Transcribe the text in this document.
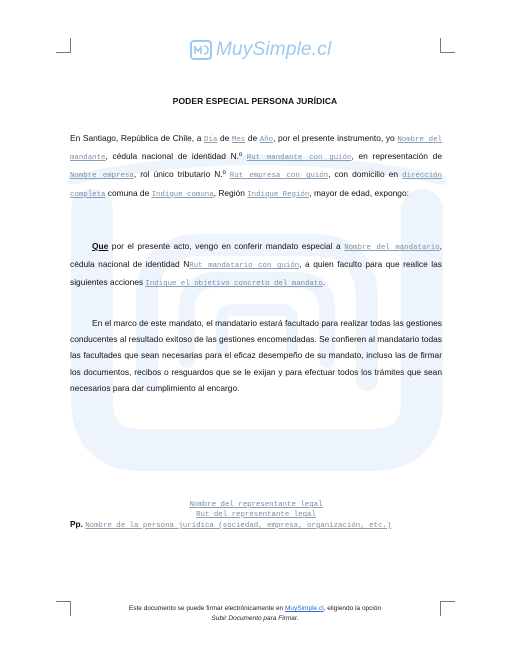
MuySimple.cl
PODER ESPECIAL PERSONA JURÍDICA
En Santiago, República de Chile, a Día de Mes de Año, por el presente instrumento, yo Nombre del mandante, cédula nacional de identidad N.º Rut mandante con guión, en representación de Nombre empresa, rol único tributario N.º Rut empresa con guión, con domicilio en dirección completa comuna de Indique comuna, Región Indique Región, mayor de edad, expongo:
Que por el presente acto, vengo en conferir mandato especial a Nombre del mandatario, cédula nacional de identidad NRut mandatario con guión, a quien faculto para que realice las siguientes acciones Indique el objetivo concreto del mandato.
En el marco de este mandato, el mandatario estará facultado para realizar todas las gestiones conducentes al resultado exitoso de las gestiones encomendadas. Se confieren al mandatario todas las facultades que sean necesarias para el eficaz desempeño de su mandato, incluso las de firmar los documentos, recibos o resguardos que se le exijan y para efectuar todos los trámites que sean necesarios para dar cumplimiento al encargo.
Nombre del representante legal
Rut del representante legal
Pp. Nombre de la persona jurídica (sociedad, empresa, organización, etc.)
Este documento se puede firmar electrónicamente en MuySimple.cl, eligiendo la opción
Subir Documento para Firmar.
